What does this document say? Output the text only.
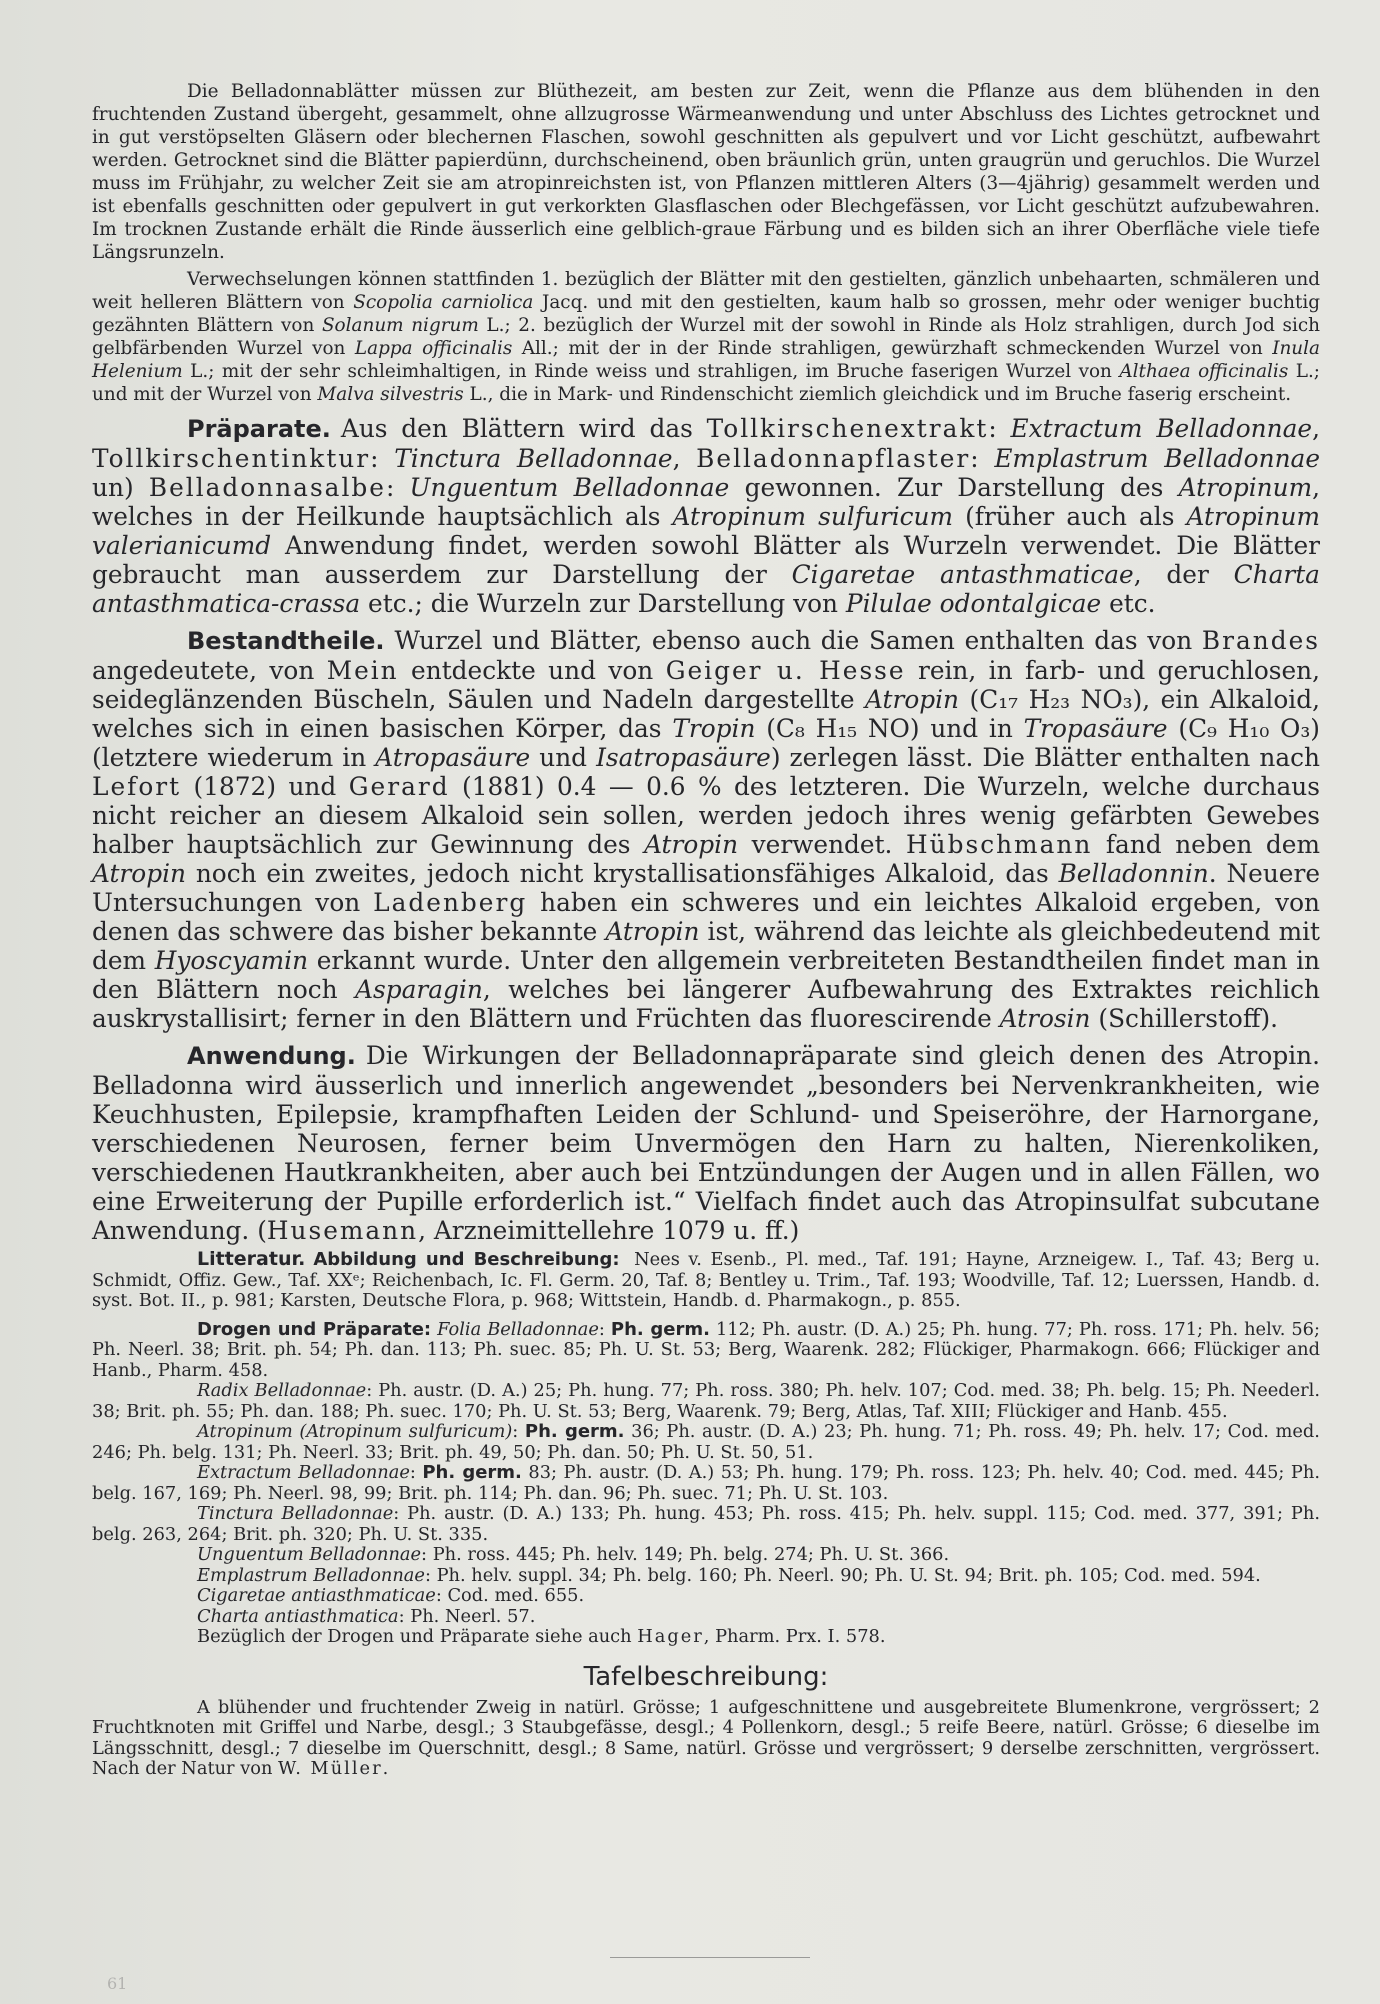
Die Belladonnablätter müssen zur Blüthezeit, am besten zur Zeit, wenn die Pflanze aus dem blühenden in den fruchtenden Zustand übergeht, gesammelt, ohne allzugrosse Wärmeanwendung und unter Abschluss des Lichtes getrocknet und in gut verstöpselten Gläsern oder blechernen Flaschen, sowohl geschnitten als gepulvert und vor Licht geschützt, aufbewahrt werden. Getrocknet sind die Blätter papierdünn, durchscheinend, oben bräunlich grün, unten graugrün und geruchlos. Die Wurzel muss im Frühjahr, zu welcher Zeit sie am atropinreichsten ist, von Pflanzen mittleren Alters (3—4jährig) gesammelt werden und ist ebenfalls geschnitten oder gepulvert in gut verkorkten Glasflaschen oder Blechgefässen, vor Licht geschützt aufzubewahren. Im trocknen Zustande erhält die Rinde äusserlich eine gelblich-graue Färbung und es bilden sich an ihrer Oberfläche viele tiefe Längsrunzeln.

Verwechselungen können stattfinden 1. bezüglich der Blätter mit den gestielten, gänzlich unbehaarten, schmäleren und weit helleren Blättern von Scopolia carniolica Jacq. und mit den gestielten, kaum halb so grossen, mehr oder weniger buchtig gezähnten Blättern von Solanum nigrum L.; 2. bezüglich der Wurzel mit der sowohl in Rinde als Holz strahligen, durch Jod sich gelbfärbenden Wurzel von Lappa officinalis All.; mit der in der Rinde strahligen, gewürzhaft schmeckenden Wurzel von Inula Helenium L.; mit der sehr schleimhaltigen, in Rinde weiss und strahligen, im Bruche faserigen Wurzel von Althaea officinalis L.; und mit der Wurzel von Malva silvestris L., die in Mark- und Rindenschicht ziemlich gleichdick und im Bruche faserig erscheint.

Präparate. Aus den Blättern wird das Tollkirschenextrakt: Extractum Belladonnae, Tollkirschentinktur: Tinctura Belladonnae, Belladonnapflaster: Emplastrum Belladonnae un) Belladonnasalbe: Unguentum Belladonnae gewonnen. Zur Darstellung des Atropinum, welches in der Heilkunde hauptsächlich als Atropinum sulfuricum (früher auch als Atropinum valerianicumd Anwendung findet, werden sowohl Blätter als Wurzeln verwendet. Die Blätter gebraucht man ausserdem zur Darstellung der Cigaretae antasthmaticae, der Charta antasthmatica-crassa etc.; die Wurzeln zur Darstellung von Pilulae odontalgicae etc.

Bestandtheile. Wurzel und Blätter, ebenso auch die Samen enthalten das von Brandes angedeutete, von Mein entdeckte und von Geiger u. Hesse rein, in farb- und geruchlosen, seideglänzenden Büscheln, Säulen und Nadeln dargestellte Atropin (C₁₇ H₂₃ NO₃), ein Alkaloid, welches sich in einen basischen Körper, das Tropin (C₈ H₁₅ NO) und in Tropasäure (C₉ H₁₀ O₃) (letztere wiederum in Atropasäure und Isatropasäure) zerlegen lässt. Die Blätter enthalten nach Lefort (1872) und Gerard (1881) 0.4 — 0.6 % des letzteren. Die Wurzeln, welche durchaus nicht reicher an diesem Alkaloid sein sollen, werden jedoch ihres wenig gefärbten Gewebes halber hauptsächlich zur Gewinnung des Atropin verwendet. Hübschmann fand neben dem Atropin noch ein zweites, jedoch nicht krystallisationsfähiges Alkaloid, das Belladonnin. Neuere Untersuchungen von Ladenberg haben ein schweres und ein leichtes Alkaloid ergeben, von denen das schwere das bisher bekannte Atropin ist, während das leichte als gleichbedeutend mit dem Hyoscyamin erkannt wurde. Unter den allgemein verbreiteten Bestandtheilen findet man in den Blättern noch Asparagin, welches bei längerer Aufbewahrung des Extraktes reichlich auskrystallisirt; ferner in den Blättern und Früchten das fluorescirende Atrosin (Schillerstoff).

Anwendung. Die Wirkungen der Belladonnapräparate sind gleich denen des Atropin. Belladonna wird äusserlich und innerlich angewendet „besonders bei Nervenkrankheiten, wie Keuchhusten, Epilepsie, krampfhaften Leiden der Schlund- und Speiseröhre, der Harnorgane, verschiedenen Neurosen, ferner beim Unvermögen den Harn zu halten, Nierenkoliken, verschiedenen Hautkrankheiten, aber auch bei Entzündungen der Augen und in allen Fällen, wo eine Erweiterung der Pupille erforderlich ist.“ Vielfach findet auch das Atropinsulfat subcutane Anwendung. (Husemann, Arzneimittellehre 1079 u. ff.)

Litteratur. Abbildung und Beschreibung: Nees v. Esenb., Pl. med., Taf. 191; Hayne, Arzneigew. I., Taf. 43; Berg u. Schmidt, Offiz. Gew., Taf. XXᵉ; Reichenbach, Ic. Fl. Germ. 20, Taf. 8; Bentley u. Trim., Taf. 193; Woodville, Taf. 12; Luerssen, Handb. d. syst. Bot. II., p. 981; Karsten, Deutsche Flora, p. 968; Wittstein, Handb. d. Pharmakogn., p. 855.

Drogen und Präparate: Folia Belladonnae: Ph. germ. 112; Ph. austr. (D. A.) 25; Ph. hung. 77; Ph. ross. 171; Ph. helv. 56; Ph. Neerl. 38; Brit. ph. 54; Ph. dan. 113; Ph. suec. 85; Ph. U. St. 53; Berg, Waarenk. 282; Flückiger, Pharmakogn. 666; Flückiger and Hanb., Pharm. 458.

Radix Belladonnae: Ph. austr. (D. A.) 25; Ph. hung. 77; Ph. ross. 380; Ph. helv. 107; Cod. med. 38; Ph. belg. 15; Ph. Neederl. 38; Brit. ph. 55; Ph. dan. 188; Ph. suec. 170; Ph. U. St. 53; Berg, Waarenk. 79; Berg, Atlas, Taf. XIII; Flückiger and Hanb. 455.

Atropinum (Atropinum sulfuricum): Ph. germ. 36; Ph. austr. (D. A.) 23; Ph. hung. 71; Ph. ross. 49; Ph. helv. 17; Cod. med. 246; Ph. belg. 131; Ph. Neerl. 33; Brit. ph. 49, 50; Ph. dan. 50; Ph. U. St. 50, 51.

Extractum Belladonnae: Ph. germ. 83; Ph. austr. (D. A.) 53; Ph. hung. 179; Ph. ross. 123; Ph. helv. 40; Cod. med. 445; Ph. belg. 167, 169; Ph. Neerl. 98, 99; Brit. ph. 114; Ph. dan. 96; Ph. suec. 71; Ph. U. St. 103.

Tinctura Belladonnae: Ph. austr. (D. A.) 133; Ph. hung. 453; Ph. ross. 415; Ph. helv. suppl. 115; Cod. med. 377, 391; Ph. belg. 263, 264; Brit. ph. 320; Ph. U. St. 335.

Unguentum Belladonnae: Ph. ross. 445; Ph. helv. 149; Ph. belg. 274; Ph. U. St. 366.

Emplastrum Belladonnae: Ph. helv. suppl. 34; Ph. belg. 160; Ph. Neerl. 90; Ph. U. St. 94; Brit. ph. 105; Cod. med. 594.

Cigaretae antiasthmaticae: Cod. med. 655.

Charta antiasthmatica: Ph. Neerl. 57.

Bezüglich der Drogen und Präparate siehe auch Hager, Pharm. Prx. I. 578.

Tafelbeschreibung:

A blühender und fruchtender Zweig in natürl. Grösse; 1 aufgeschnittene und ausgebreitete Blumenkrone, vergrössert; 2 Fruchtknoten mit Griffel und Narbe, desgl.; 3 Staubgefässe, desgl.; 4 Pollenkorn, desgl.; 5 reife Beere, natürl. Grösse; 6 dieselbe im Längsschnitt, desgl.; 7 dieselbe im Querschnitt, desgl.; 8 Same, natürl. Grösse und vergrössert; 9 derselbe zerschnitten, vergrössert. Nach der Natur von W. Müller.

61
